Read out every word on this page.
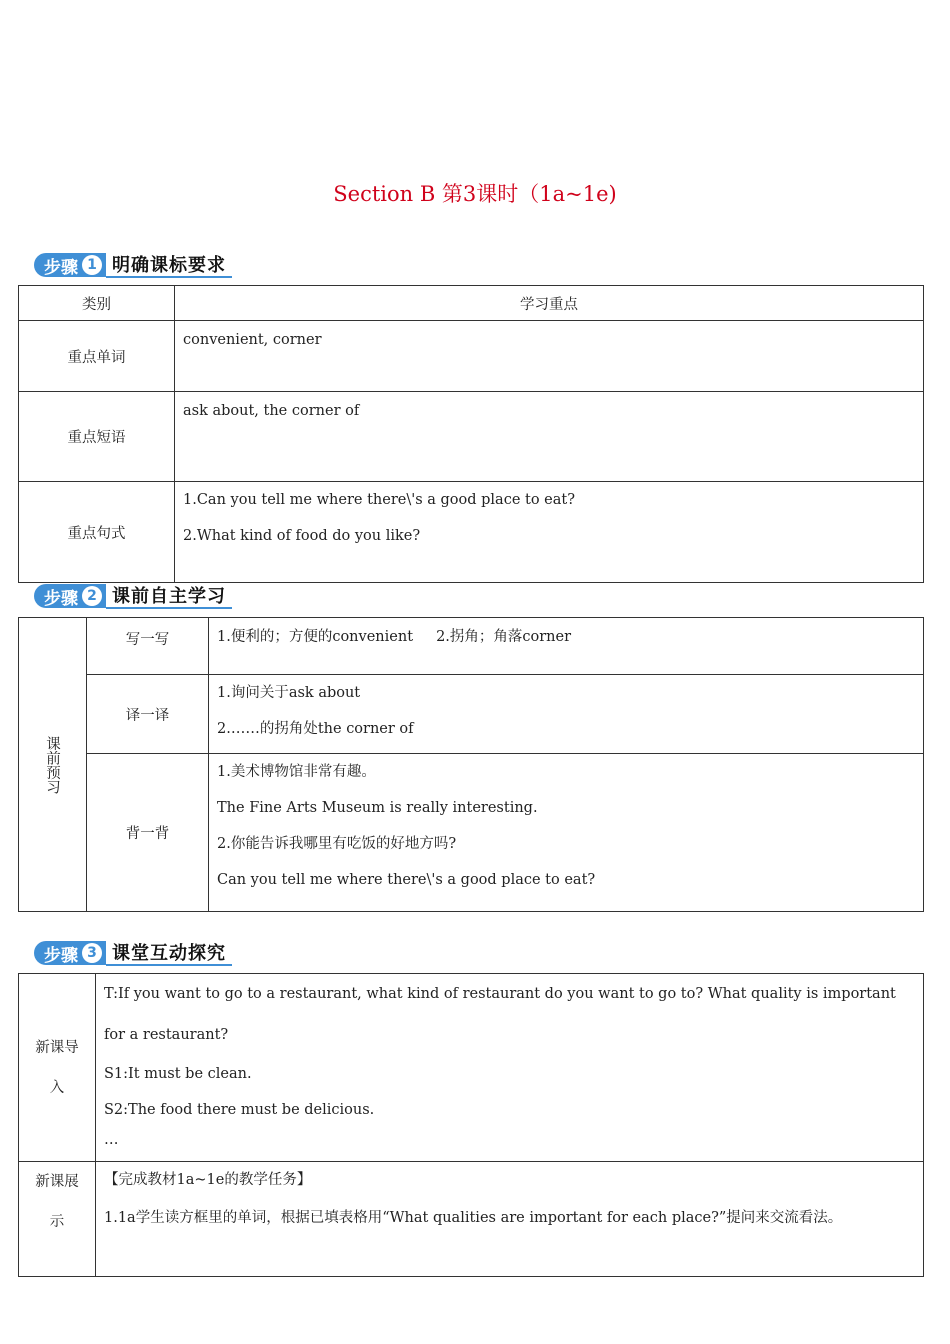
Section B 第3课时（1a~1e)
步骤 1 明确课标要求
类别	学习重点
重点单词	convenient, corner

重点短语	ask about, the corner of

重点句式	1.Can you tell me where there\'s a good place to eat?

2.What kind of food do you like?

步骤 2 课前自主学习
课前预习	写一写	1.便利的；方便的convenient     2.拐角；角落corner

	译一译	1.询问关于ask about

2.……的拐角处the corner of

	背一背	1.美术博物馆非常有趣。

The Fine Arts Museum is really interesting.

2.你能告诉我哪里有吃饭的好地方吗?

Can you tell me where there\'s a good place to eat?

步骤 3 课堂互动探究
新课导入	T:If you want to go to a restaurant, what kind of restaurant do you want to go to? What quality is important for a restaurant?

S1:It must be clean.

S2:The food there must be delicious.

…

新课展示	【完成教材1a~1e的教学任务】

1.1a学生读方框里的单词，根据已填表格用“What qualities are important for each place?”提问来交流看法。
